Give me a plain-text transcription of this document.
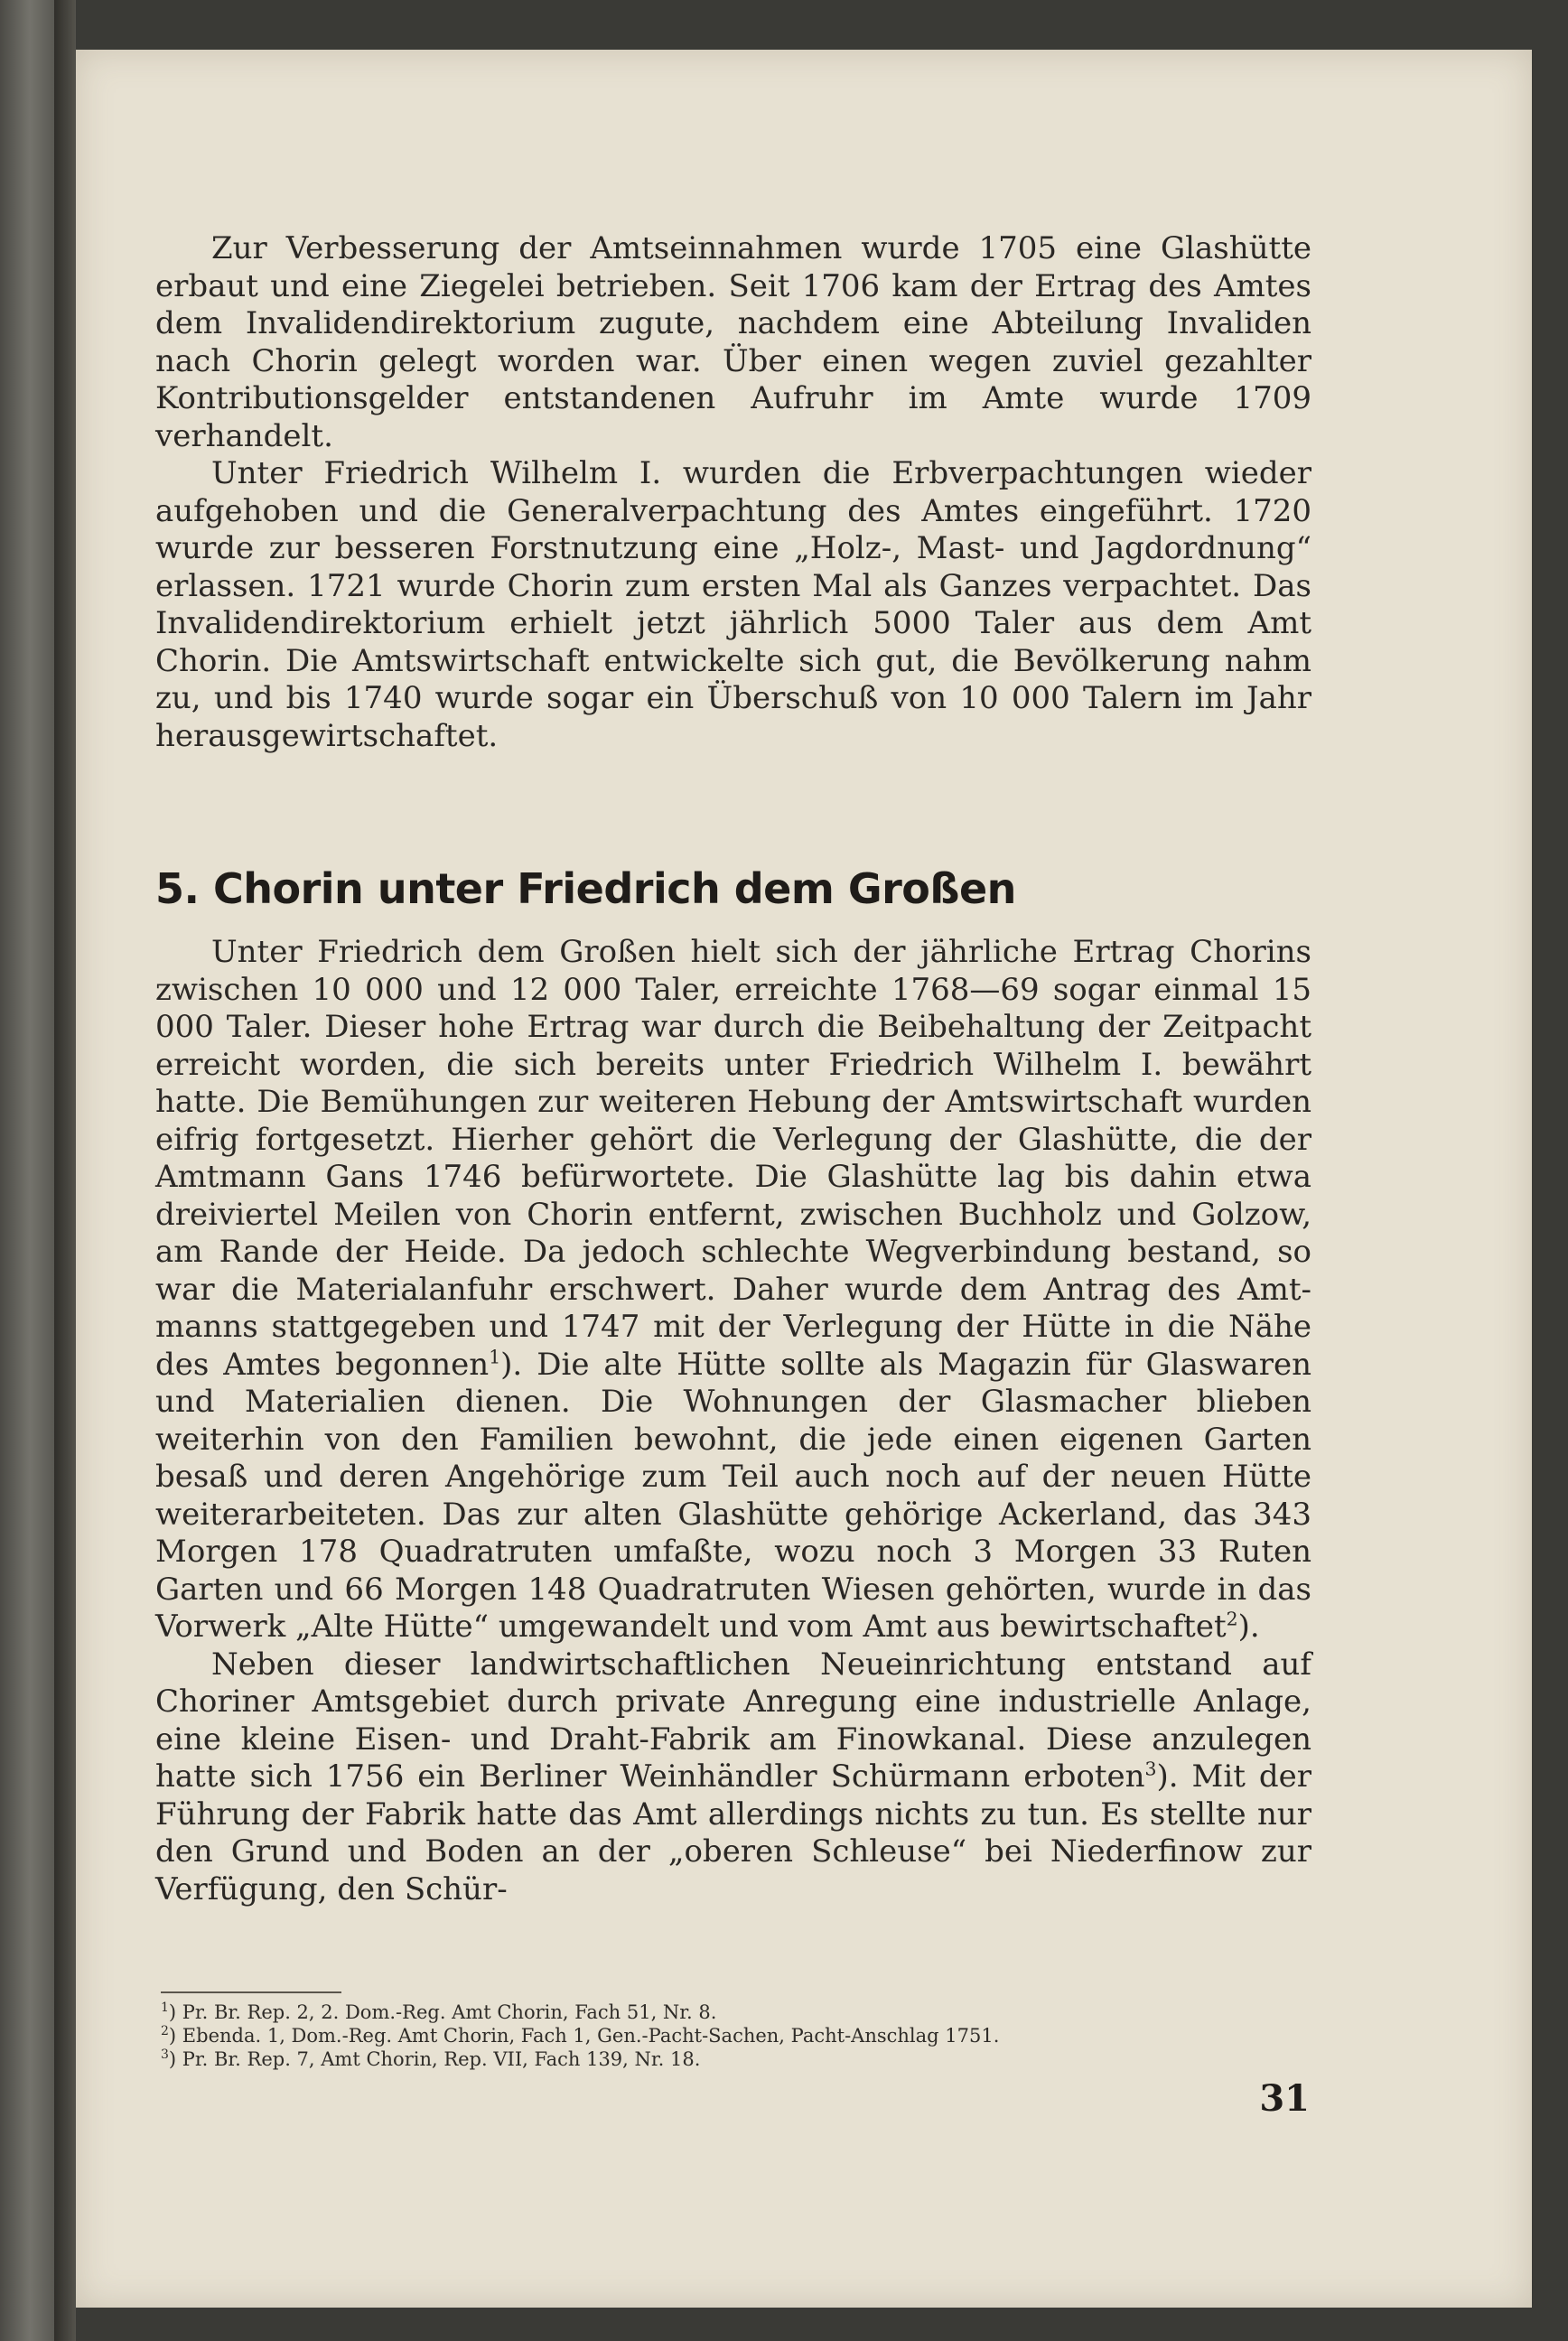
Zur Verbesserung der Amtseinnahmen wurde 1705 eine Glashütte erbaut und eine Ziegelei betrieben. Seit 1706 kam der Ertrag des Amtes dem Invalidendirektorium zugute, nachdem eine Abteilung Invaliden nach Chorin gelegt worden war. Über einen wegen zuviel gezahlter Kontributionsgelder entstandenen Aufruhr im Amte wurde 1709 verhandelt.

Unter Friedrich Wilhelm I. wurden die Erbverpachtungen wieder aufgehoben und die Generalverpachtung des Amtes eingeführt. 1720 wurde zur besseren Forstnutzung eine „Holz-, Mast- und Jagdordnung“ erlassen. 1721 wurde Chorin zum ersten Mal als Ganzes verpachtet. Das Invalidendirektorium erhielt jetzt jährlich 5000 Taler aus dem Amt Chorin. Die Amtswirtschaft entwickelte sich gut, die Bevölkerung nahm zu, und bis 1740 wurde sogar ein Überschuß von 10 000 Talern im Jahr herausgewirtschaftet.

5. Chorin unter Friedrich dem Großen

Unter Friedrich dem Großen hielt sich der jährliche Ertrag Chorins zwischen 10 000 und 12 000 Taler, erreichte 1768—69 sogar einmal 15 000 Taler. Dieser hohe Ertrag war durch die Beibehaltung der Zeitpacht erreicht worden, die sich bereits unter Friedrich Wilhelm I. bewährt hatte. Die Bemühungen zur weiteren Hebung der Amtswirtschaft wurden eifrig fortgesetzt. Hierher gehört die Verlegung der Glashütte, die der Amtmann Gans 1746 befürwortete. Die Glashütte lag bis dahin etwa dreiviertel Meilen von Chorin entfernt, zwischen Buchholz und Golzow, am Rande der Heide. Da jedoch schlechte Wegverbindung bestand, so war die Materialanfuhr erschwert. Daher wurde dem Antrag des Amtmanns stattgegeben und 1747 mit der Verlegung der Hütte in die Nähe des Amtes begonnen$^1$). Die alte Hütte sollte als Magazin für Glaswaren und Materialien dienen. Die Wohnungen der Glasmacher blieben weiterhin von den Familien bewohnt, die jede einen eigenen Garten besaß und deren Angehörige zum Teil auch noch auf der neuen Hütte weiterarbeiteten. Das zur alten Glashütte gehörige Ackerland, das 343 Morgen 178 Quadratruten umfaßte, wozu noch 3 Morgen 33 Ruten Garten und 66 Morgen 148 Quadratruten Wiesen gehörten, wurde in das Vorwerk „Alte Hütte“ umgewandelt und vom Amt aus bewirtschaftet$^2$).

Neben dieser landwirtschaftlichen Neueinrichtung entstand auf Choriner Amtsgebiet durch private Anregung eine industrielle Anlage, eine kleine Eisen- und Draht-Fabrik am Finowkanal. Diese anzulegen hatte sich 1756 ein Berliner Weinhändler Schürmann erboten$^3$). Mit der Führung der Fabrik hatte das Amt allerdings nichts zu tun. Es stellte nur den Grund und Boden an der „oberen Schleuse“ bei Niederfinow zur Verfügung, den Schür-

$^1$) Pr. Br. Rep. 2, 2. Dom.-Reg. Amt Chorin, Fach 51, Nr. 8.

$^2$) Ebenda. 1, Dom.-Reg. Amt Chorin, Fach 1, Gen.-Pacht-Sachen, Pacht-Anschlag 1751.

$^3$) Pr. Br. Rep. 7, Amt Chorin, Rep. VII, Fach 139, Nr. 18.

31
